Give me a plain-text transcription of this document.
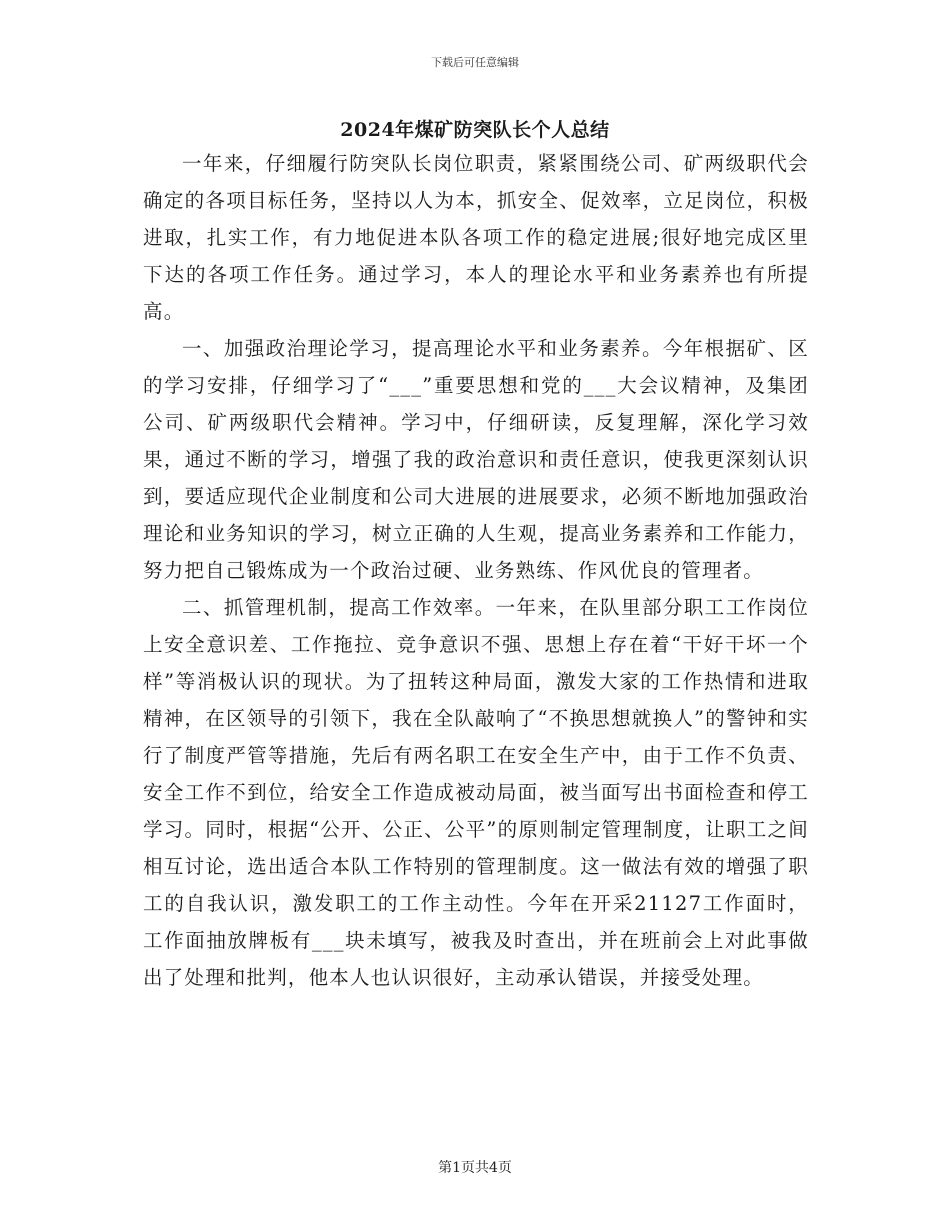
下载后可任意编辑
2024年煤矿防突队长个人总结

一年来，仔细履行防突队长岗位职责，紧紧围绕公司、矿两级职代会确定的各项目标任务，坚持以人为本，抓安全、促效率，立足岗位，积极进取，扎实工作，有力地促进本队各项工作的稳定进展;很好地完成区里下达的各项工作任务。通过学习，本人的理论水平和业务素养也有所提高。

一、加强政治理论学习，提高理论水平和业务素养。今年根据矿、区的学习安排，仔细学习了“___”重要思想和党的___大会议精神，及集团公司、矿两级职代会精神。学习中，仔细研读，反复理解，深化学习效果，通过不断的学习，增强了我的政治意识和责任意识，使我更深刻认识到，要适应现代企业制度和公司大进展的进展要求，必须不断地加强政治理论和业务知识的学习，树立正确的人生观，提高业务素养和工作能力，努力把自己锻炼成为一个政治过硬、业务熟练、作风优良的管理者。

二、抓管理机制，提高工作效率。一年来，在队里部分职工工作岗位上安全意识差、工作拖拉、竞争意识不强、思想上存在着“干好干坏一个样”等消极认识的现状。为了扭转这种局面，激发大家的工作热情和进取精神，在区领导的引领下，我在全队敲响了“不换思想就换人”的警钟和实行了制度严管等措施，先后有两名职工在安全生产中，由于工作不负责、安全工作不到位，给安全工作造成被动局面，被当面写出书面检查和停工学习。同时，根据“公开、公正、公平”的原则制定管理制度，让职工之间相互讨论，选出适合本队工作特别的管理制度。这一做法有效的增强了职工的自我认识，激发职工的工作主动性。今年在开采21127工作面时，工作面抽放牌板有___块未填写，被我及时查出，并在班前会上对此事做出了处理和批判，他本人也认识很好，主动承认错误，并接受处理。

第1页共4页
